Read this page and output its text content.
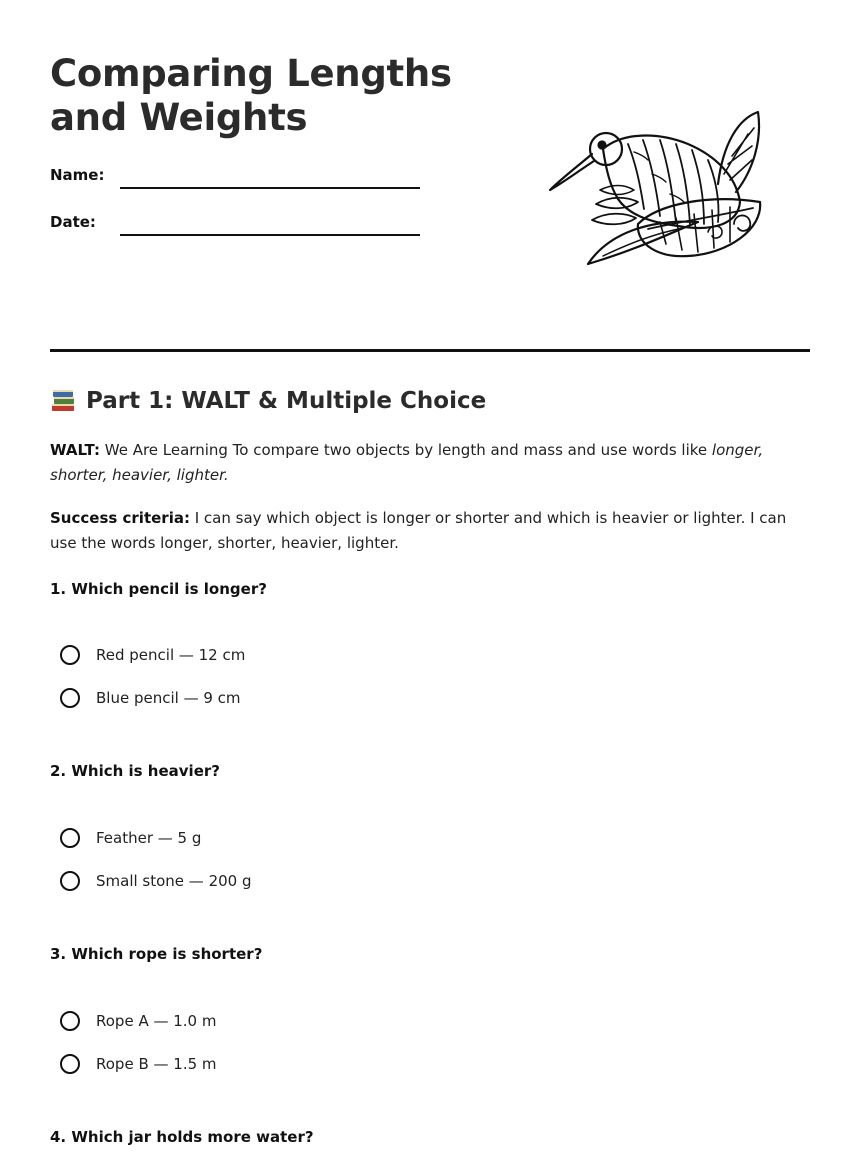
Comparing Lengths and Weights
Name:
Date:
Part 1: WALT & Multiple Choice

WALT: We Are Learning To compare two objects by length and mass and use words like longer, shorter, heavier, lighter.

Success criteria: I can say which object is longer or shorter and which is heavier or lighter. I can use the words longer, shorter, heavier, lighter.

1. Which pencil is longer?

Red pencil — 12 cm
Blue pencil — 9 cm

2. Which is heavier?

Feather — 5 g
Small stone — 200 g

3. Which rope is shorter?

Rope A — 1.0 m
Rope B — 1.5 m

4. Which jar holds more water?
